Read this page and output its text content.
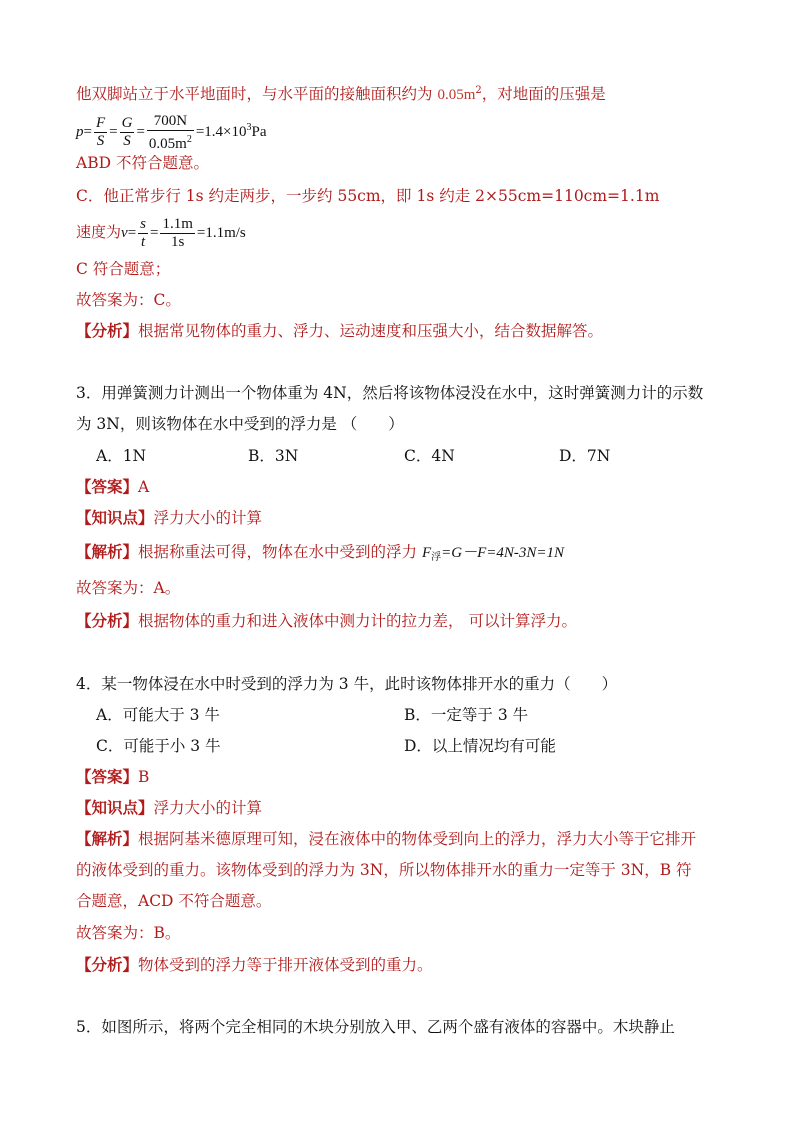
他双脚站立于水平地面时，与水平面的接触面积约为 $0.05m^2$，对地面的压强是
$p= \frac{F}{S} = \frac{G}{S} = \frac{700N}{0.05m^2} =1.4\times 10^3Pa$
ABD 不符合题意。
C．他正常步行 1s 约走两步，一步约 55cm，即 1s 约走 2×55cm=110cm=1.1m
速度为$v= \frac{s}{t} = \frac{1.1m}{1s} =1.1m/s$
C 符合题意；
故答案为：C。
【分析】根据常见物体的重力、浮力、运动速度和压强大小，结合数据解答。
3．用弹簧测力计测出一个物体重为 4N，然后将该物体浸没在水中，这时弹簧测力计的示数
为 3N，则该物体在水中受到的浮力是 （　　）
A．1N	B．3N	C．4N	D．7N
【答案】A
【知识点】浮力大小的计算
【解析】根据称重法可得，物体在水中受到的浮力 $F_浮=G-F=4N-3N=1N$
故答案为：A。
【分析】根据物体的重力和进入液体中测力计的拉力差， 可以计算浮力。
4．某一物体浸在水中时受到的浮力为 3 牛，此时该物体排开水的重力（　　）
A．可能大于 3 牛	B．一定等于 3 牛
C．可能于小 3 牛	D．以上情况均有可能
【答案】B
【知识点】浮力大小的计算
【解析】根据阿基米德原理可知，浸在液体中的物体受到向上的浮力，浮力大小等于它排开
的液体受到的重力。该物体受到的浮力为 3N，所以物体排开水的重力一定等于 3N，B 符
合题意，ACD 不符合题意。
故答案为：B。
【分析】物体受到的浮力等于排开液体受到的重力。
5．如图所示，将两个完全相同的木块分别放入甲、乙两个盛有液体的容器中。木块静止
